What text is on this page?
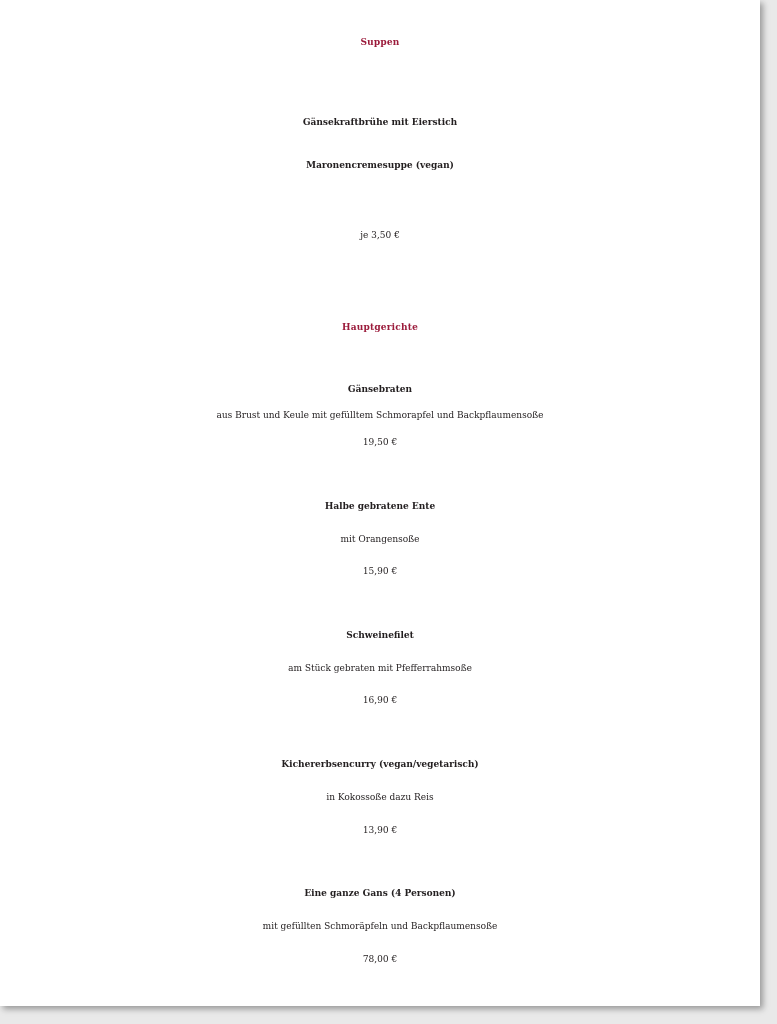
Suppen
Gänsekraftbrühe mit Eierstich
Maronencremesuppe (vegan)
je 3,50 €
Hauptgerichte
Gänsebraten
aus Brust und Keule mit gefülltem Schmorapfel und Backpflaumensoße
19,50 €
Halbe gebratene Ente
mit Orangensoße
15,90 €
Schweinefilet
am Stück gebraten mit Pfefferrahmsoße
16,90 €
Kichererbsencurry (vegan/vegetarisch)
in Kokossoße dazu Reis
13,90 €
Eine ganze Gans (4 Personen)
mit gefüllten Schmoräpfeln und Backpflaumensoße
78,00 €
